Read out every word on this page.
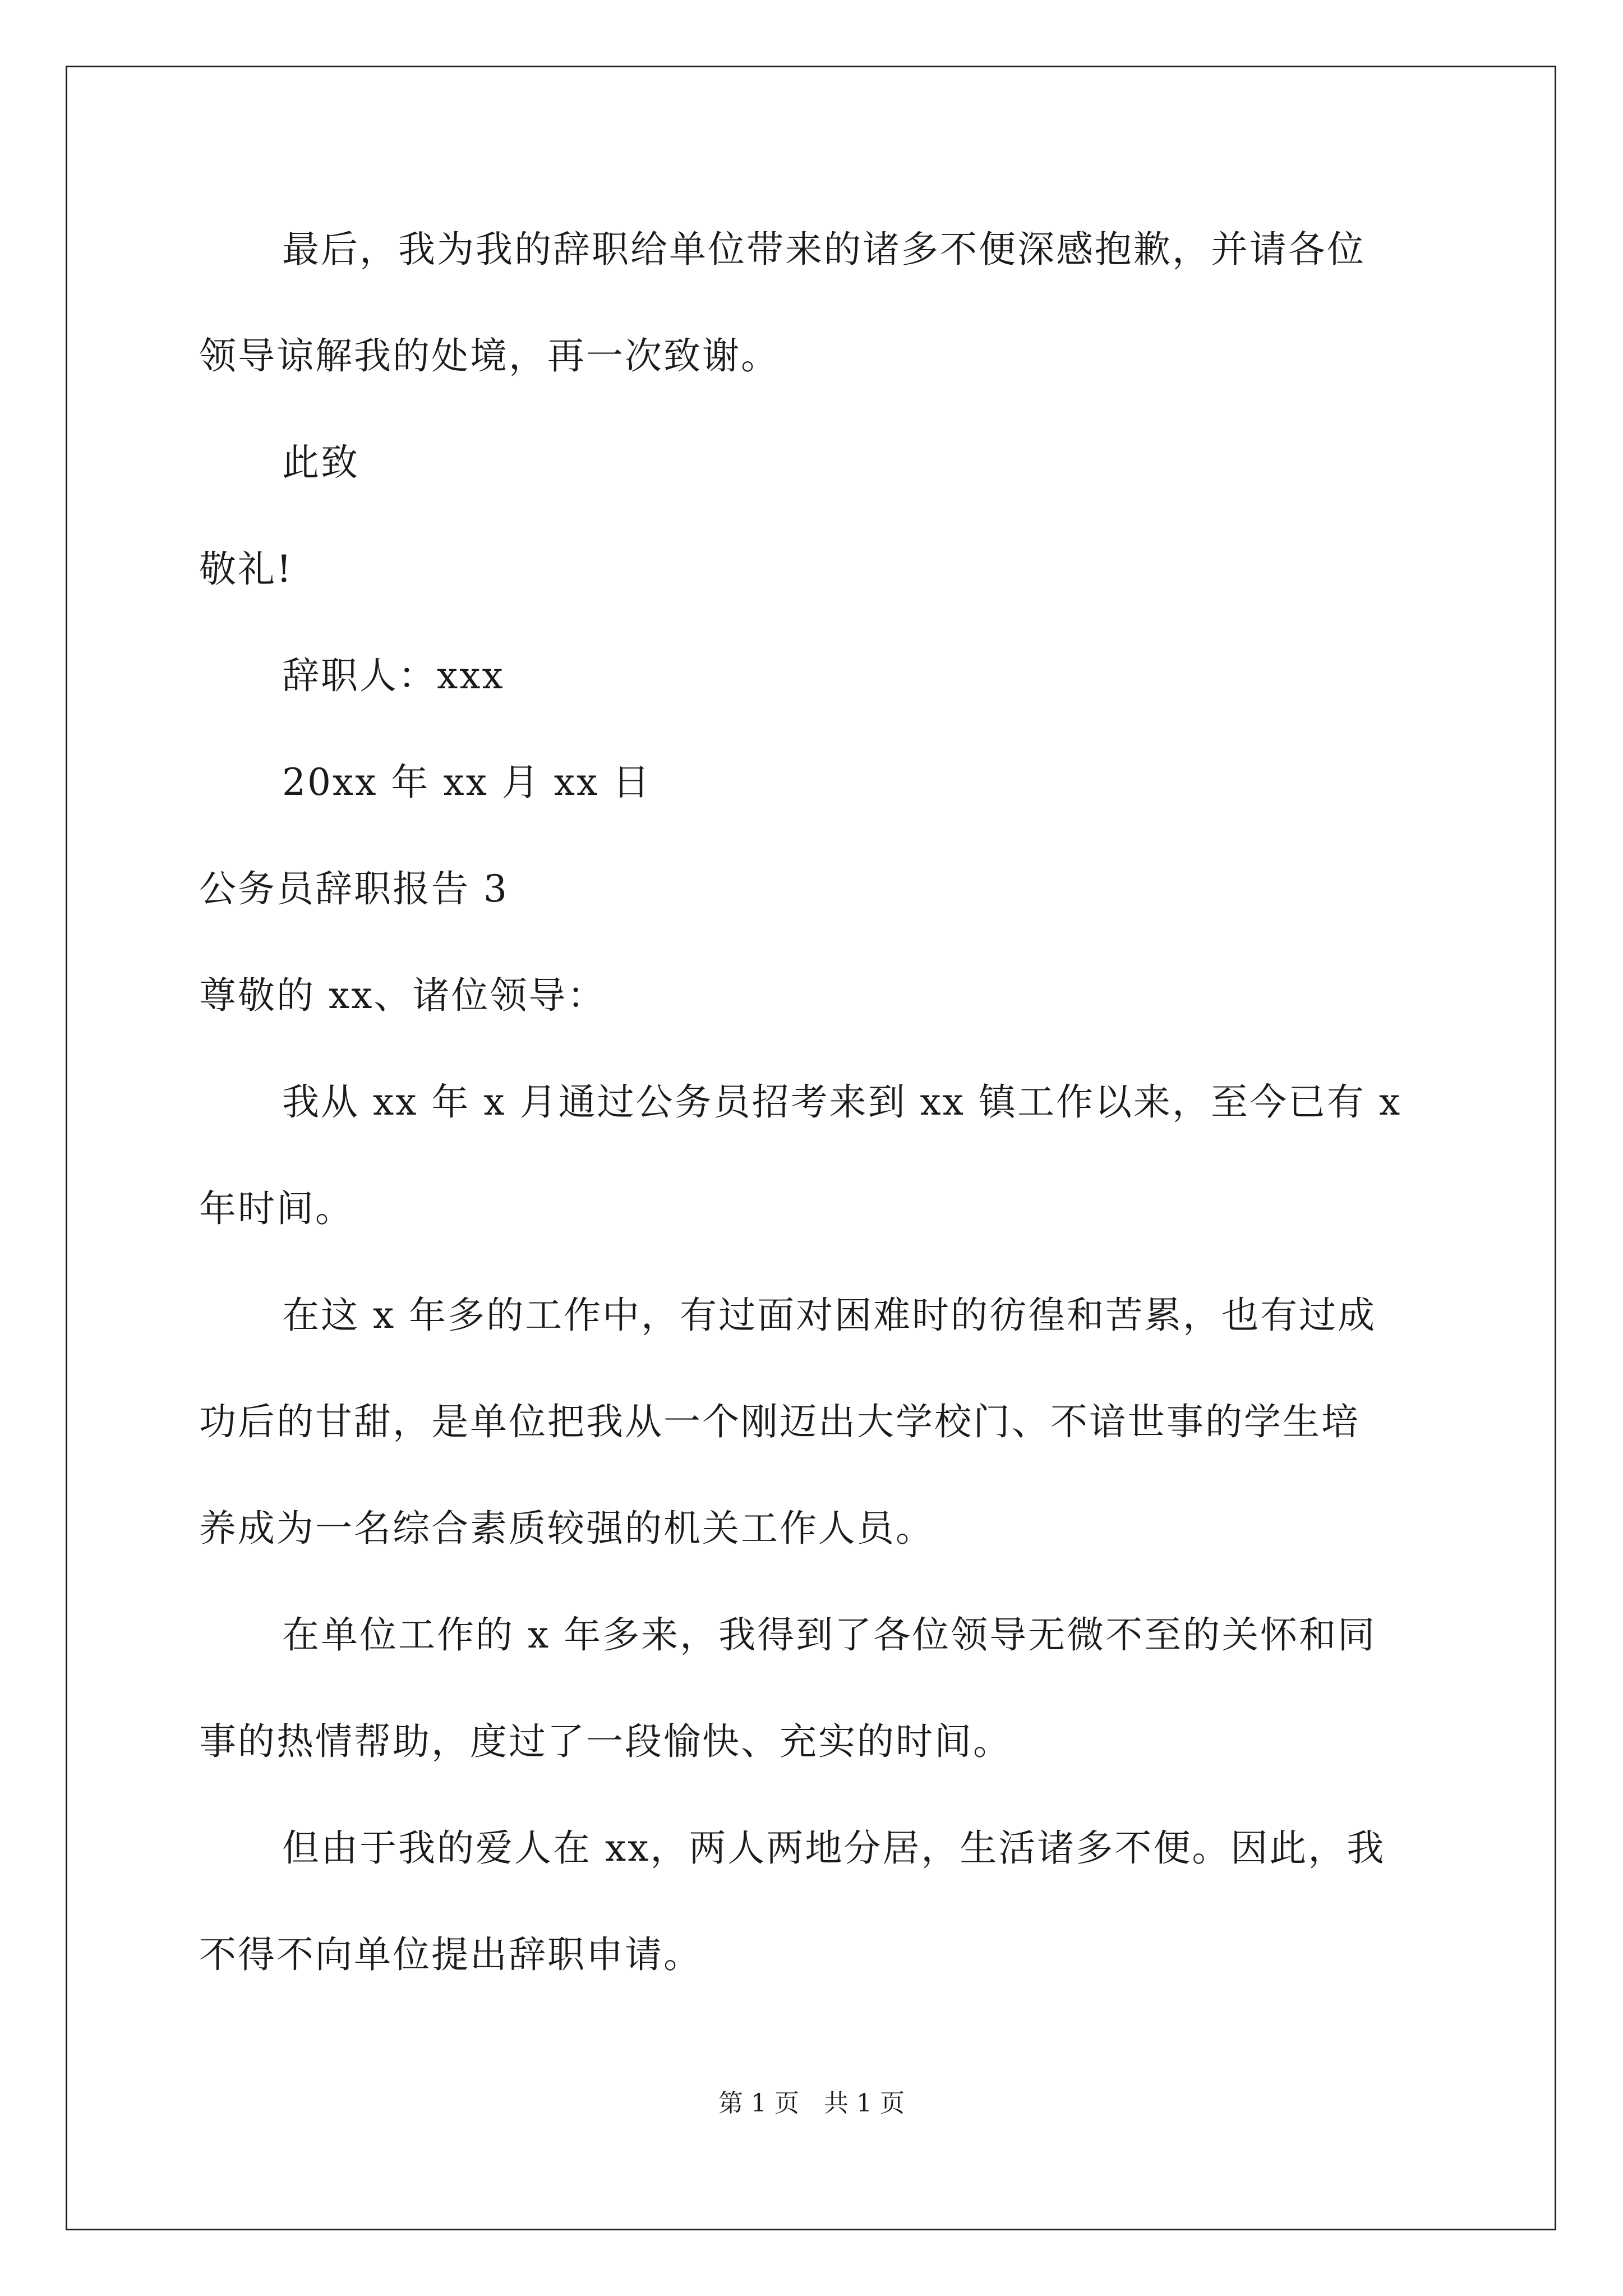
最后，我为我的辞职给单位带来的诸多不便深感抱歉，并请各位
领导谅解我的处境，再一次致谢。
此致
敬礼!
辞职人：xxx
20xx 年 xx 月 xx 日
公务员辞职报告 3
尊敬的 xx、诸位领导：
我从 xx 年 x 月通过公务员招考来到 xx 镇工作以来，至今已有 x
年时间。
在这 x 年多的工作中，有过面对困难时的彷徨和苦累，也有过成
功后的甘甜，是单位把我从一个刚迈出大学校门、不谙世事的学生培
养成为一名综合素质较强的机关工作人员。
在单位工作的 x 年多来，我得到了各位领导无微不至的关怀和同
事的热情帮助，度过了一段愉快、充实的时间。
但由于我的爱人在 xx，两人两地分居，生活诸多不便。因此，我
不得不向单位提出辞职申请。
第 1 页　共 1 页
